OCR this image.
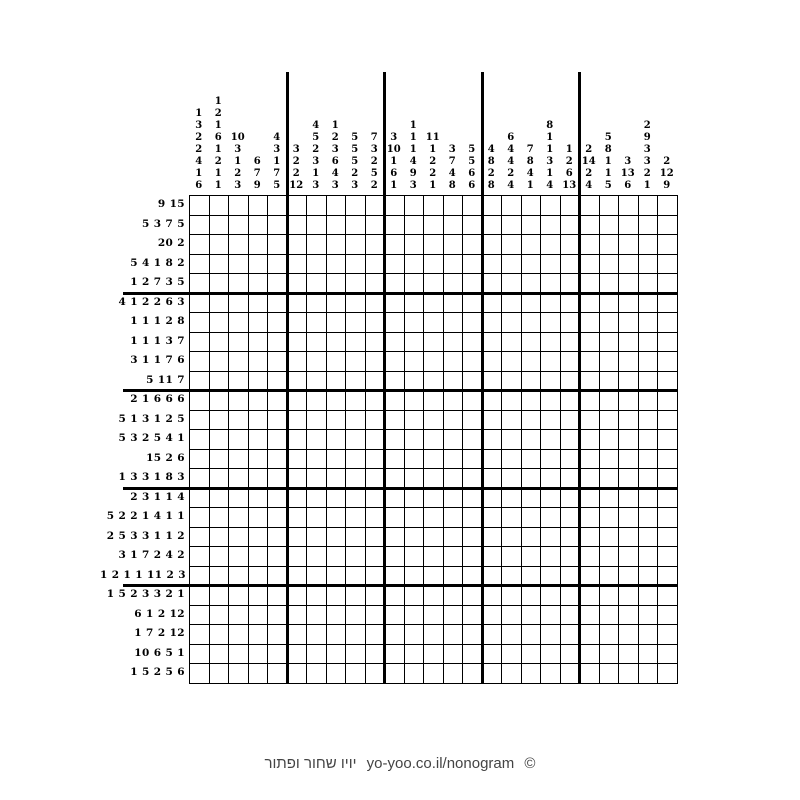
1
3
2
2
4
1
6
1
2
1
6
1
2
1
1
10
3
1
2
3
6
7
9
4
3
1
7
5
3
2
2
12
4
5
2
3
1
3
1
2
3
6
4
3
5
5
5
2
3
7
3
2
5
2
3
10
1
6
1
1
1
1
4
9
3
11
1
2
2
1
3
7
4
8
5
5
6
6
4
8
2
8
6
4
4
2
4
7
8
4
1
8
1
1
3
1
4
1
2
6
13
2
14
2
4
5
8
1
1
5
3
13
6
2
9
3
3
2
1
2
12
9
9 15
5 3 7 5
20 2
5 4 1 8 2
1 2 7 3 5
4 1 2 2 6 3
1 1 1 2 8
1 1 1 3 7
3 1 1 7 6
5 11 7
2 1 6 6 6
5 1 3 1 2 5
5 3 2 5 4 1
15 2 6
1 3 3 1 8 3
2 3 1 1 4
5 2 2 1 4 1 1
2 5 3 3 1 1 2
3 1 7 2 4 2
1 2 1 1 11 2 3
1 5 2 3 3 2 1
6 1 2 12
1 7 2 12
10 6 5 1
1 5 2 5 6
יויו שחור ופתור yo-yoo.co.il/nonogram ©
